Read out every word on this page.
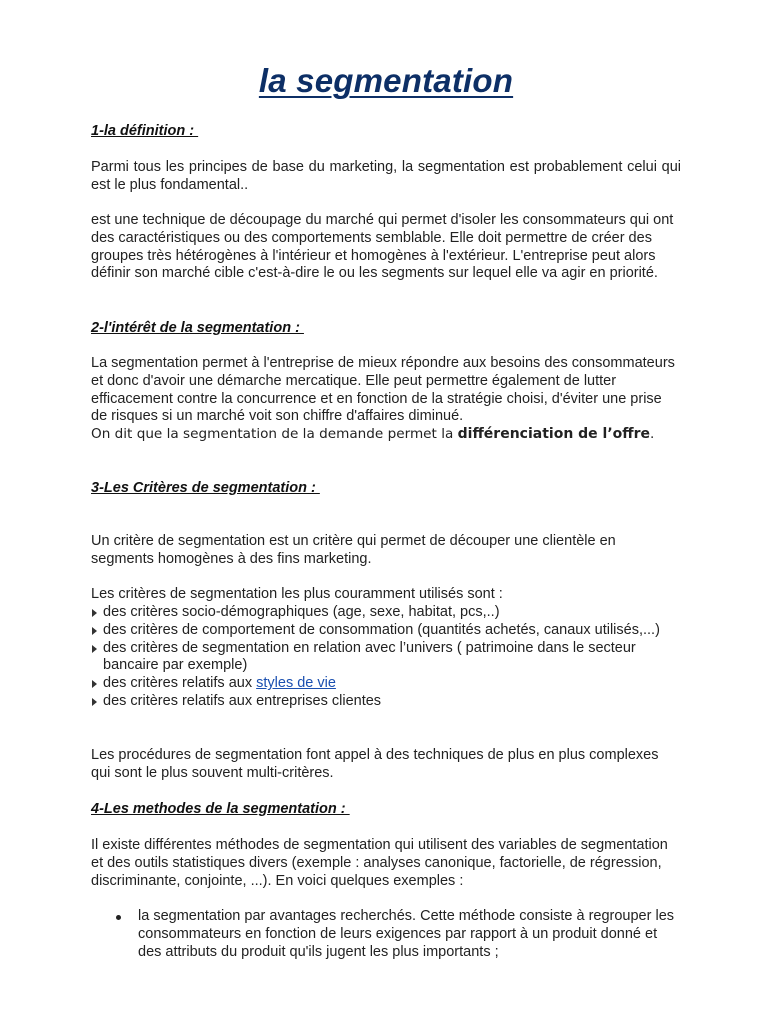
la segmentation
1-la définition :
Parmi tous les principes de base du marketing, la segmentation est probablement celui qui est le plus fondamental..
est une technique de découpage du marché qui permet d'isoler les consommateurs qui ont des caractéristiques ou des comportements semblable. Elle doit permettre de créer des groupes très hétérogènes à l'intérieur et homogènes à l'extérieur. L'entreprise peut alors définir son marché cible c'est-à-dire le ou les segments sur lequel elle va agir en priorité.
2-l'intérêt de la segmentation :
La segmentation permet à l'entreprise de mieux répondre aux besoins des consommateurs et donc d'avoir une démarche mercatique. Elle peut permettre également de lutter efficacement contre la concurrence et en fonction de la stratégie choisi, d'éviter une prise de risques si un marché voit son chiffre d'affaires diminué.
On dit que la segmentation de la demande permet la différenciation de l’offre.
3-Les Critères de segmentation :
Un critère de segmentation est un critère qui permet de découper une clientèle en segments homogènes à des fins marketing.
Les critères de segmentation les plus couramment utilisés sont :
des critères socio-démographiques (age, sexe, habitat, pcs,..)
des critères de comportement de consommation (quantités achetés, canaux utilisés,...)
des critères de segmentation en relation avec l’univers ( patrimoine dans le secteur bancaire par exemple)
des critères relatifs aux styles de vie
des critères relatifs aux entreprises clientes
Les procédures de segmentation font appel à des techniques de plus en plus complexes qui sont le plus souvent multi-critères.
4-Les methodes de la segmentation :
Il existe différentes méthodes de segmentation qui utilisent des variables de segmentation et des outils statistiques divers (exemple : analyses canonique, factorielle, de régression, discriminante, conjointe, ...). En voici quelques exemples :
la segmentation par avantages recherchés. Cette méthode consiste à regrouper les consommateurs en fonction de leurs exigences par rapport à un produit donné et des attributs du produit qu'ils jugent les plus importants ;
